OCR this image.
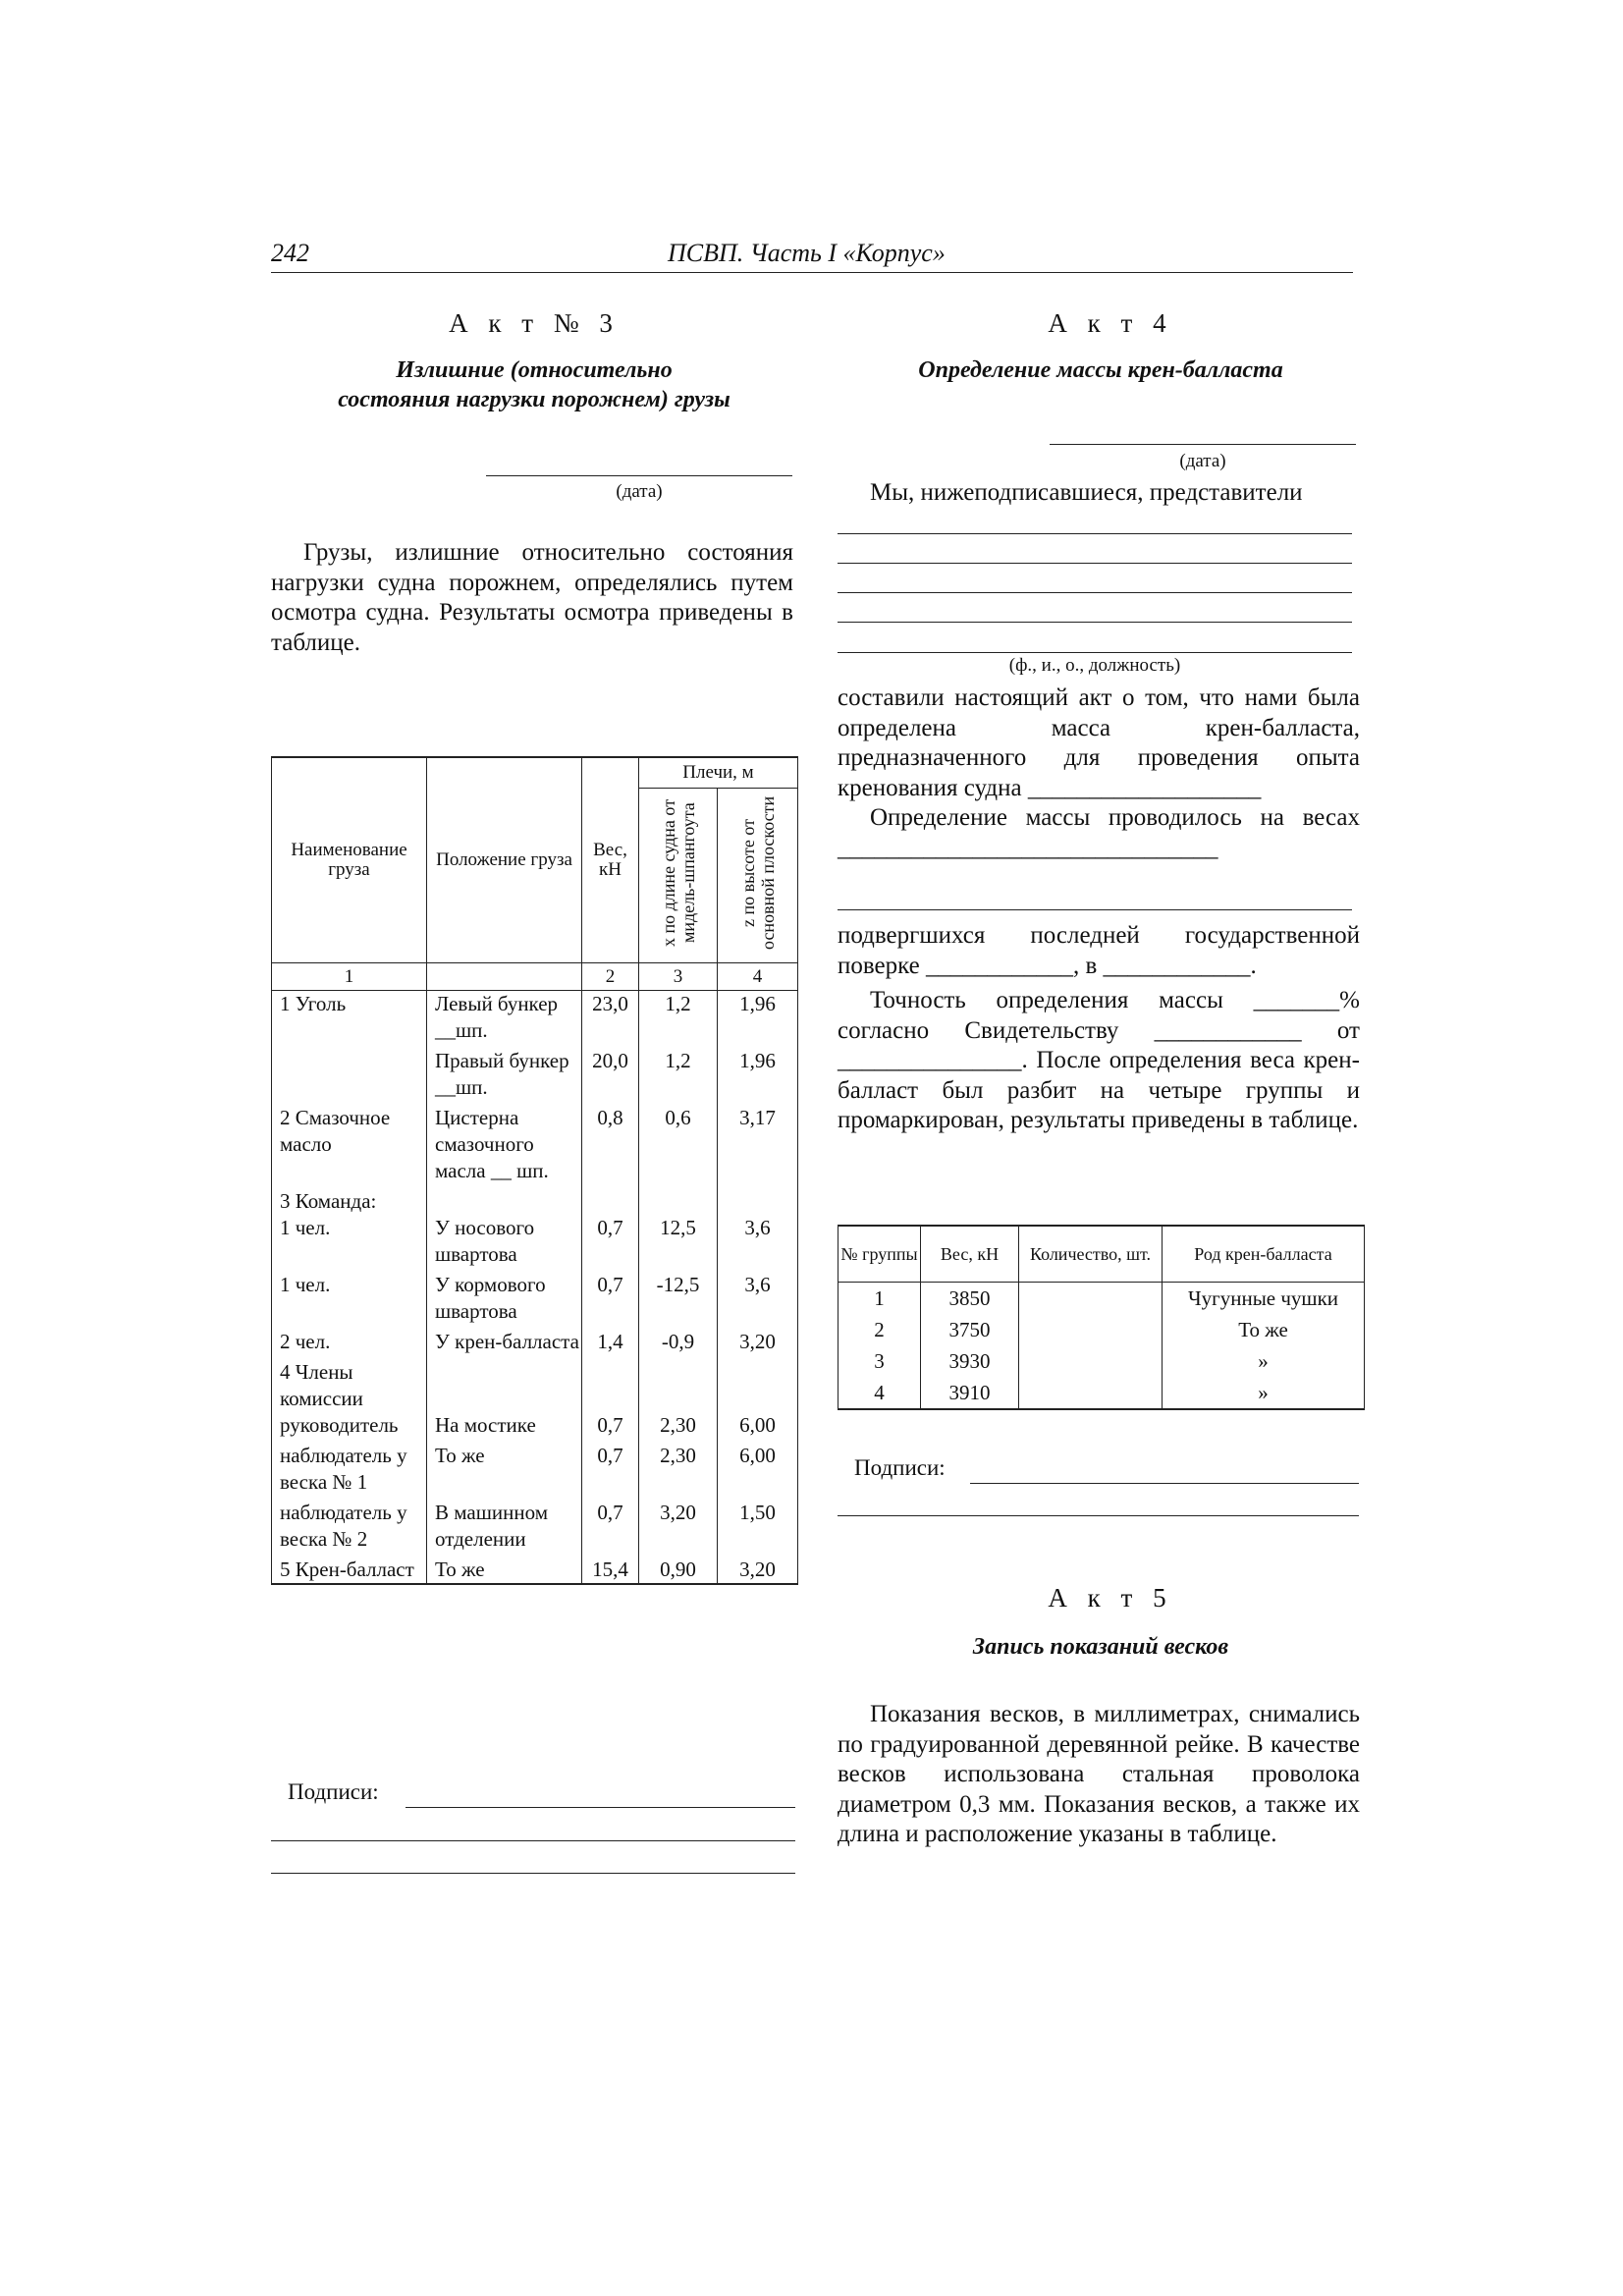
242	ПСВП. Часть I «Корпус»
А к т № 3
Излишние (относительно
состояния нагрузки порожнем) грузы
(дата)

Грузы, излишние относительно состояния нагрузки судна порожнем, определялись путем осмотра судна. Результаты осмотра приведены в таблице.

Наименование груза	Положение груза	Вес, кН	Плечи, м	
			x по длине судна от мидель-шпангоута	z по высоте от основной плоскости
1		2	3	4
1 Уголь	Левый бункер __шп.	23,0	1,2	1,96
	Правый бункер __шп.	20,0	1,2	1,96
2 Смазочное масло	Цистерна смазочного масла __ шп.	0,8	0,6	3,17
3 Команда:				
1 чел.	У носового швартова	0,7	12,5	3,6
1 чел.	У кормового швартова	0,7	-12,5	3,6
2 чел.	У крен-балласта	1,4	-0,9	3,20
4 Члены комиссии				
руководитель	На мостике	0,7	2,30	6,00
наблюдатель у веска № 1	То же	0,7	2,30	6,00
наблюдатель у веска № 2	В машинном отделении	0,7	3,20	1,50
5 Крен-балласт	То же	15,4	0,90	3,20
Подписи:
А к т 4
Определение массы крен-балласта
(дата)

Мы, нижеподписавшиеся, представители

(ф., и., о., должность)

составили настоящий акт о том, что нами была определена масса крен-балласта, предназначенного для проведения опыта кренования судна ___________________

Определение массы проводилось на весах _______________________________

подвергшихся последней государственной поверке ____________, в ____________.

Точность определения массы _______% согласно Свидетельству ____________ от _______________. После определения веса крен-балласт был разбит на четыре группы и промаркирован, результаты приведены в таблице.

№ группы	Вес, кН	Количество, шт.	Род крен-балласта
1	3850		Чугунные чушки
2	3750		То же
3	3930		»
4	3910		»
Подписи:
А к т 5
Запись показаний весков

Показания весков, в миллиметрах, снимались по градуированной деревянной рейке. В качестве весков использована стальная проволока диаметром 0,3 мм. Показания весков, а также их длина и расположение указаны в таблице.
